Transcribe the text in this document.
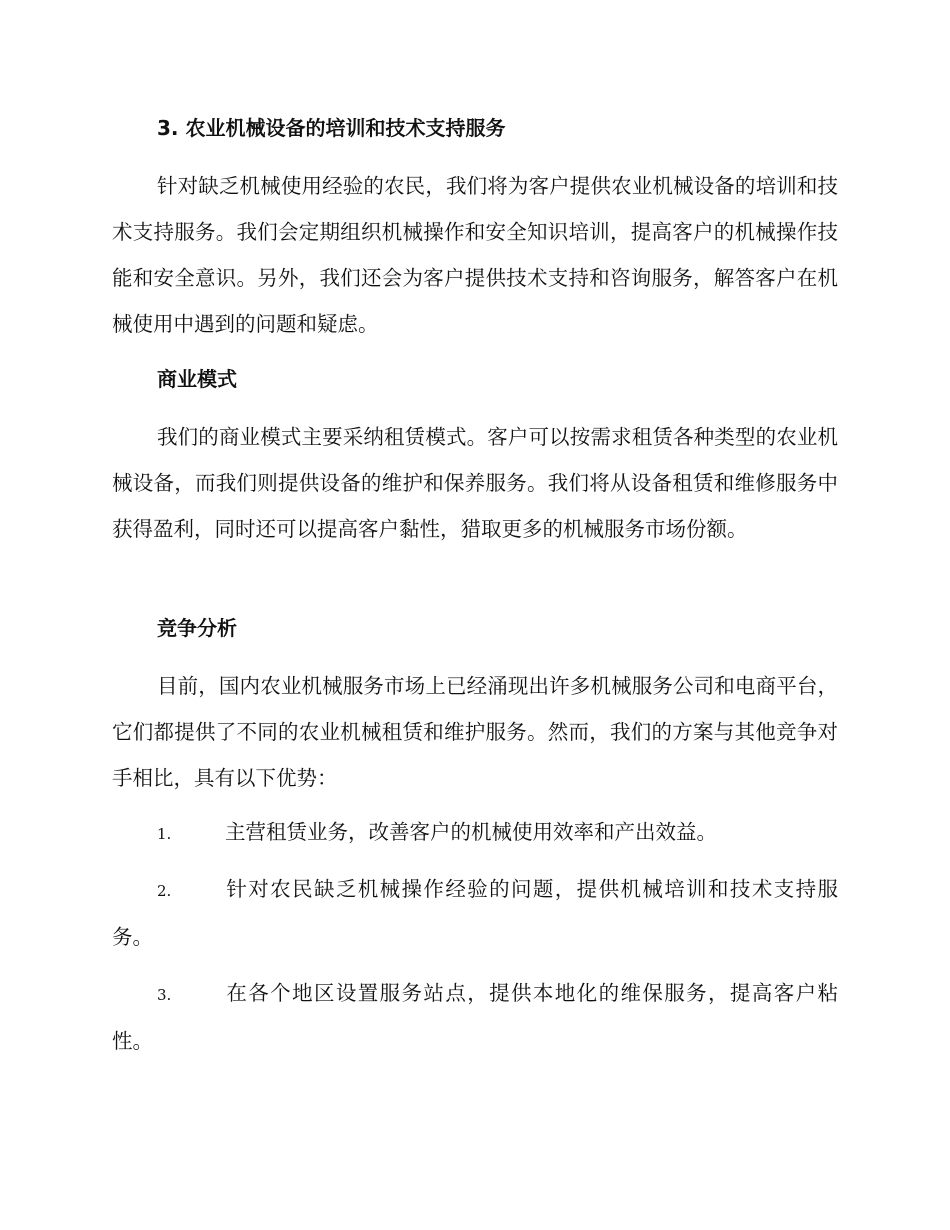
3. 农业机械设备的培训和技术支持服务

针对缺乏机械使用经验的农民，我们将为客户提供农业机械设备的培训和技术支持服务。我们会定期组织机械操作和安全知识培训，提高客户的机械操作技能和安全意识。另外，我们还会为客户提供技术支持和咨询服务，解答客户在机械使用中遇到的问题和疑虑。

商业模式

我们的商业模式主要采纳租赁模式。客户可以按需求租赁各种类型的农业机械设备，而我们则提供设备的维护和保养服务。我们将从设备租赁和维修服务中获得盈利，同时还可以提高客户黏性，猎取更多的机械服务市场份额。

竞争分析

目前，国内农业机械服务市场上已经涌现出许多机械服务公司和电商平台，它们都提供了不同的农业机械租赁和维护服务。然而，我们的方案与其他竞争对手相比，具有以下优势：

1.	主营租赁业务，改善客户的机械使用效率和产出效益。

2.	针对农民缺乏机械操作经验的问题，提供机械培训和技术支持服务。

3.	在各个地区设置服务站点，提供本地化的维保服务，提高客户粘性。
